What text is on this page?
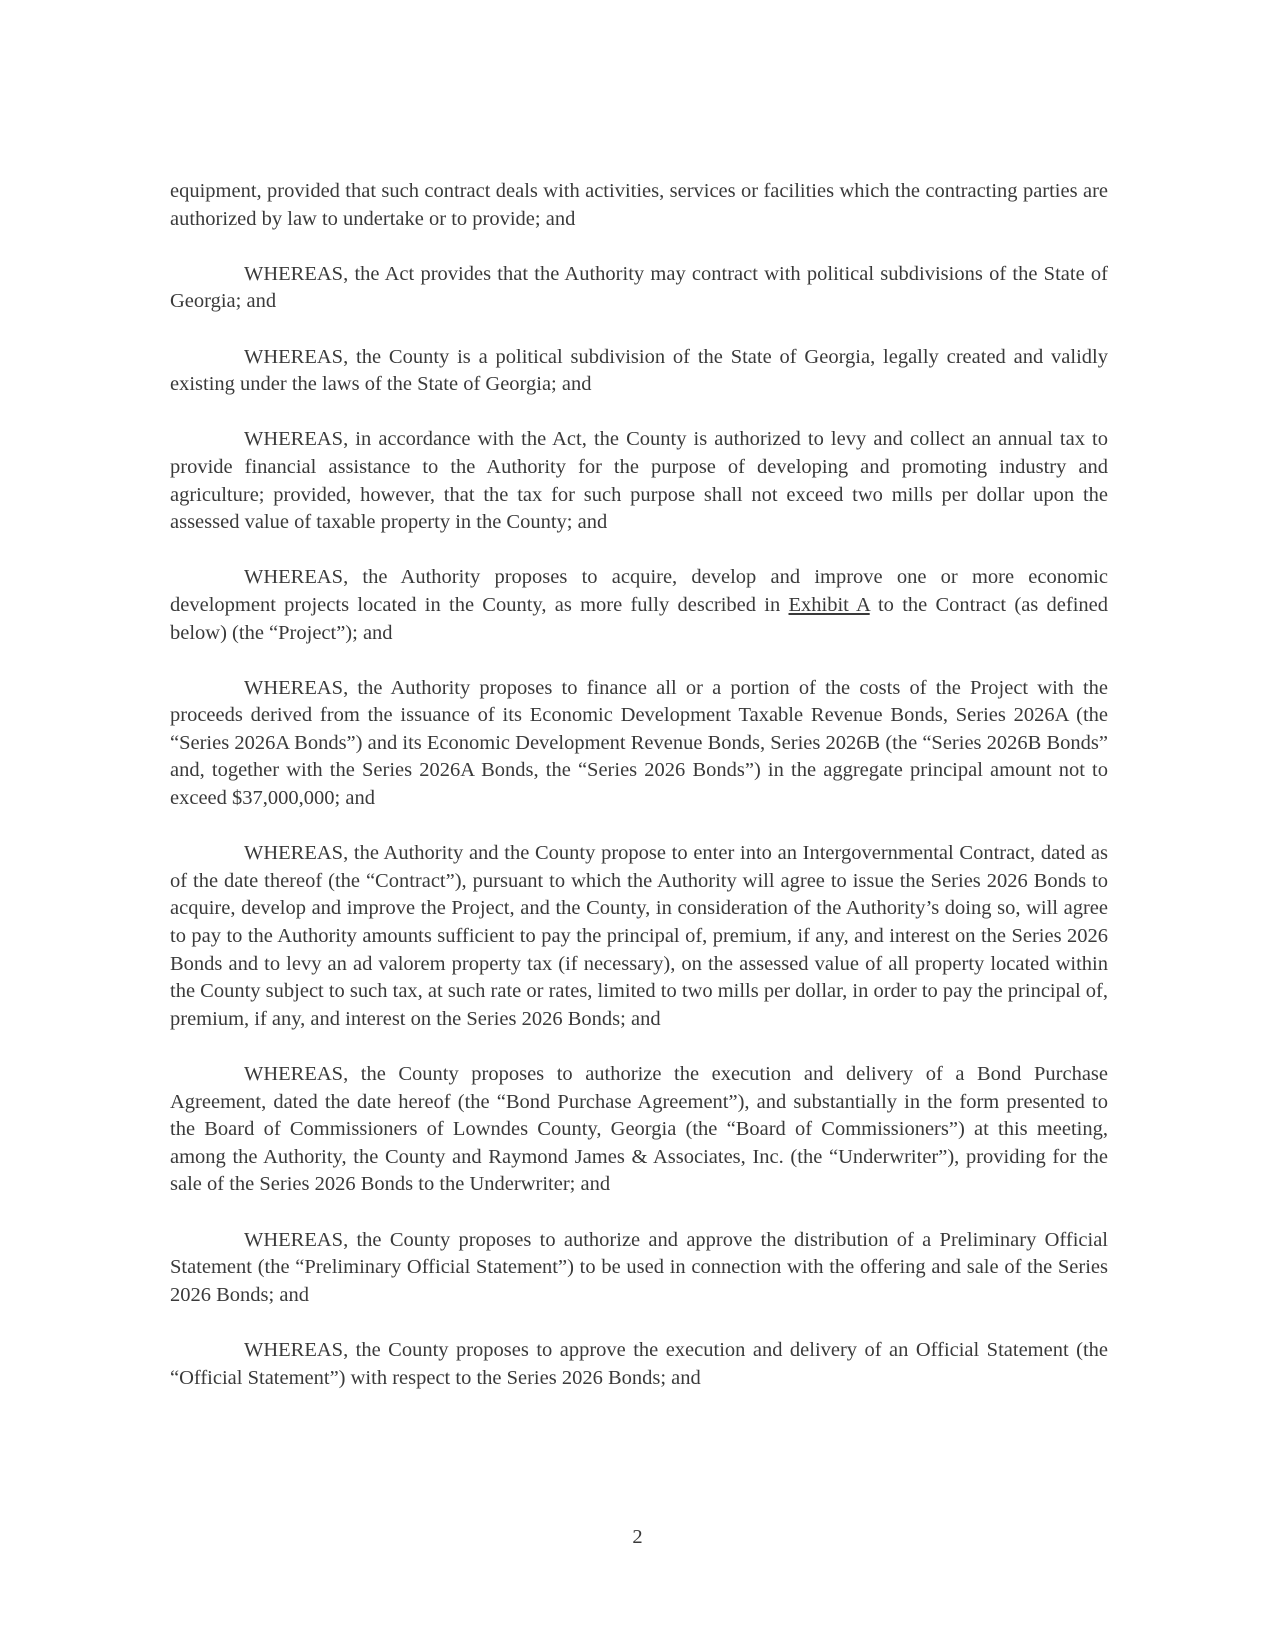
equipment, provided that such contract deals with activities, services or facilities which the contracting parties are authorized by law to undertake or to provide; and

WHEREAS, the Act provides that the Authority may contract with political subdivisions of the State of Georgia; and

WHEREAS, the County is a political subdivision of the State of Georgia, legally created and validly existing under the laws of the State of Georgia; and

WHEREAS, in accordance with the Act, the County is authorized to levy and collect an annual tax to provide financial assistance to the Authority for the purpose of developing and promoting industry and agriculture; provided, however, that the tax for such purpose shall not exceed two mills per dollar upon the assessed value of taxable property in the County; and

WHEREAS, the Authority proposes to acquire, develop and improve one or more economic development projects located in the County, as more fully described in Exhibit A to the Contract (as defined below) (the “Project”); and

WHEREAS, the Authority proposes to finance all or a portion of the costs of the Project with the proceeds derived from the issuance of its Economic Development Taxable Revenue Bonds, Series 2026A (the “Series 2026A Bonds”) and its Economic Development Revenue Bonds, Series 2026B (the “Series 2026B Bonds” and, together with the Series 2026A Bonds, the “Series 2026 Bonds”) in the aggregate principal amount not to exceed $37,000,000; and

WHEREAS, the Authority and the County propose to enter into an Intergovernmental Contract, dated as of the date thereof (the “Contract”), pursuant to which the Authority will agree to issue the Series 2026 Bonds to acquire, develop and improve the Project, and the County, in consideration of the Authority’s doing so, will agree to pay to the Authority amounts sufficient to pay the principal of, premium, if any, and interest on the Series 2026 Bonds and to levy an ad valorem property tax (if necessary), on the assessed value of all property located within the County subject to such tax, at such rate or rates, limited to two mills per dollar, in order to pay the principal of, premium, if any, and interest on the Series 2026 Bonds; and

WHEREAS, the County proposes to authorize the execution and delivery of a Bond Purchase Agreement, dated the date hereof (the “Bond Purchase Agreement”), and substantially in the form presented to the Board of Commissioners of Lowndes County, Georgia (the “Board of Commissioners”) at this meeting, among the Authority, the County and Raymond James & Associates, Inc. (the “Underwriter”), providing for the sale of the Series 2026 Bonds to the Underwriter; and

WHEREAS, the County proposes to authorize and approve the distribution of a Preliminary Official Statement (the “Preliminary Official Statement”) to be used in connection with the offering and sale of the Series 2026 Bonds; and

WHEREAS, the County proposes to approve the execution and delivery of an Official Statement (the “Official Statement”) with respect to the Series 2026 Bonds; and

2
